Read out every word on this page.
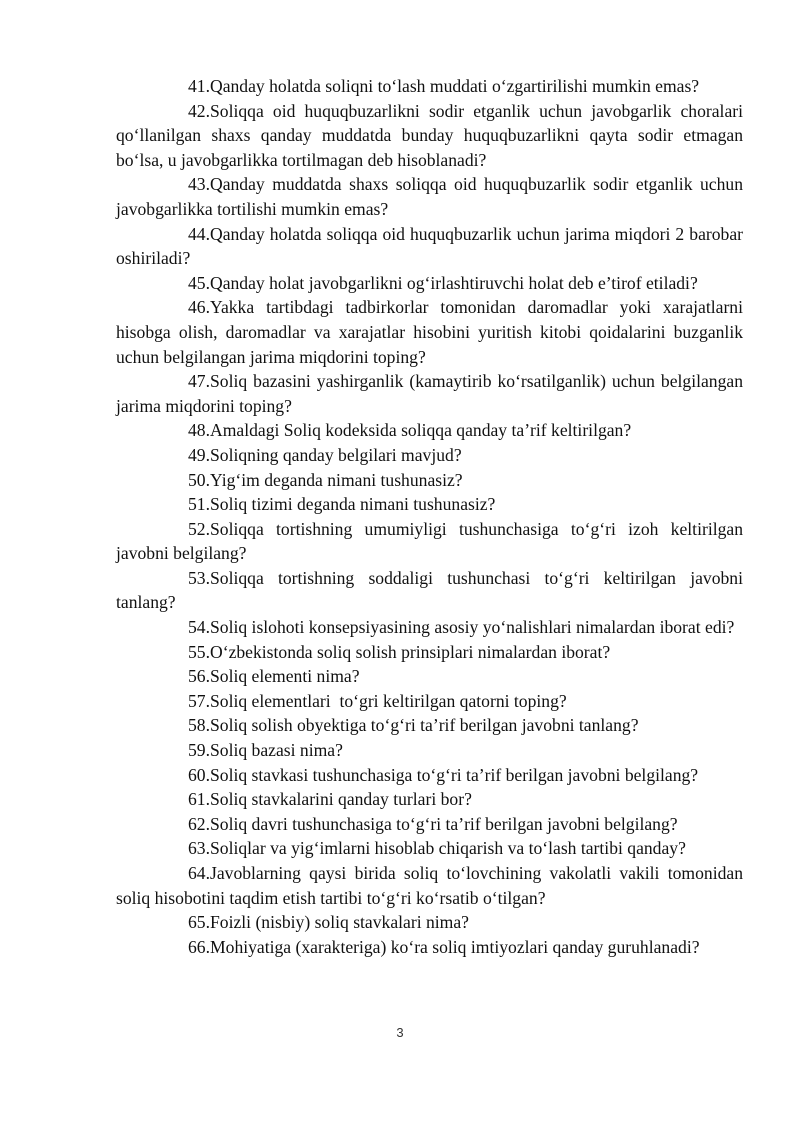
41.Qanday holatda soliqni to‘lash muddati o‘zgartirilishi mumkin emas?

42.Soliqqa oid huquqbuzarlikni sodir etganlik uchun javobgarlik choralari qo‘llanilgan shaxs qanday muddatda bunday huquqbuzarlikni qayta sodir etmagan bo‘lsa, u javobgarlikka tortilmagan deb hisoblanadi?

43.Qanday muddatda shaxs soliqqa oid huquqbuzarlik sodir etganlik uchun javobgarlikka tortilishi mumkin emas?

44.Qanday holatda soliqqa oid huquqbuzarlik uchun jarima miqdori 2 barobar oshiriladi?

45.Qanday holat javobgarlikni og‘irlashtiruvchi holat deb e’tirof etiladi?

46.Yakka tartibdagi tadbirkorlar tomonidan daromadlar yoki xarajatlarni hisobga olish, daromadlar va xarajatlar hisobini yuritish kitobi qoidalarini buzganlik uchun belgilangan jarima miqdorini toping?

47.Soliq bazasini yashirganlik (kamaytirib ko‘rsatilganlik) uchun belgilangan jarima miqdorini toping?

48.Amaldagi Soliq kodeksida soliqqa qanday ta’rif keltirilgan?

49.Soliqning qanday belgilari mavjud?

50.Yig‘im deganda nimani tushunasiz?

51.Soliq tizimi deganda nimani tushunasiz?

52.Soliqqa tortishning umumiyligi tushunchasiga to‘g‘ri izoh keltirilgan javobni belgilang?

53.Soliqqa tortishning soddaligi tushunchasi to‘g‘ri keltirilgan javobni tanlang?

54.Soliq islohoti konsepsiyasining asosiy yo‘nalishlari nimalardan iborat edi?

55.O‘zbekistonda soliq solish prinsiplari nimalardan iborat?

56.Soliq elementi nima?

57.Soliq elementlari  to‘gri keltirilgan qatorni toping?

58.Soliq solish obyektiga to‘g‘ri ta’rif berilgan javobni tanlang?

59.Soliq bazasi nima?

60.Soliq stavkasi tushunchasiga to‘g‘ri ta’rif berilgan javobni belgilang?

61.Soliq stavkalarini qanday turlari bor?

62.Soliq davri tushunchasiga to‘g‘ri ta’rif berilgan javobni belgilang?

63.Soliqlar va yig‘imlarni hisoblab chiqarish va to‘lash tartibi qanday?

64.Javoblarning qaysi birida soliq to‘lovchining vakolatli vakili tomonidan soliq hisobotini taqdim etish tartibi to‘g‘ri ko‘rsatib o‘tilgan?

65.Foizli (nisbiy) soliq stavkalari nima?

66.Mohiyatiga (xarakteriga) ko‘ra soliq imtiyozlari qanday guruhlanadi?

3
